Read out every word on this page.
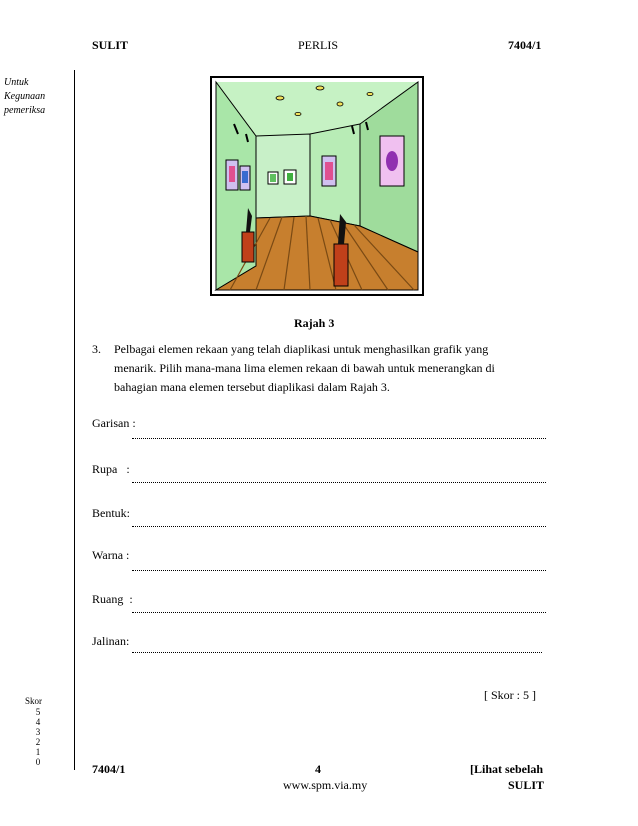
SULIT	PERLIS	7404/1
Untuk
Kegunaan
pemeriksa
Rajah 3
3. Pelbagai elemen rekaan yang telah diaplikasi untuk menghasilkan grafik yang
menarik. Pilih mana-mana lima elemen rekaan di bawah untuk menerangkan di
bahagian mana elemen tersebut diaplikasi dalam Rajah 3.
Garisan :
Rupa   :
Bentuk:
Warna :
Ruang  :
Jalinan:
[ Skor : 5 ]
Skor
5
4
3
2
1
0	7404/1	4	[Lihat sebelah
SULIT
www.spm.via.my
